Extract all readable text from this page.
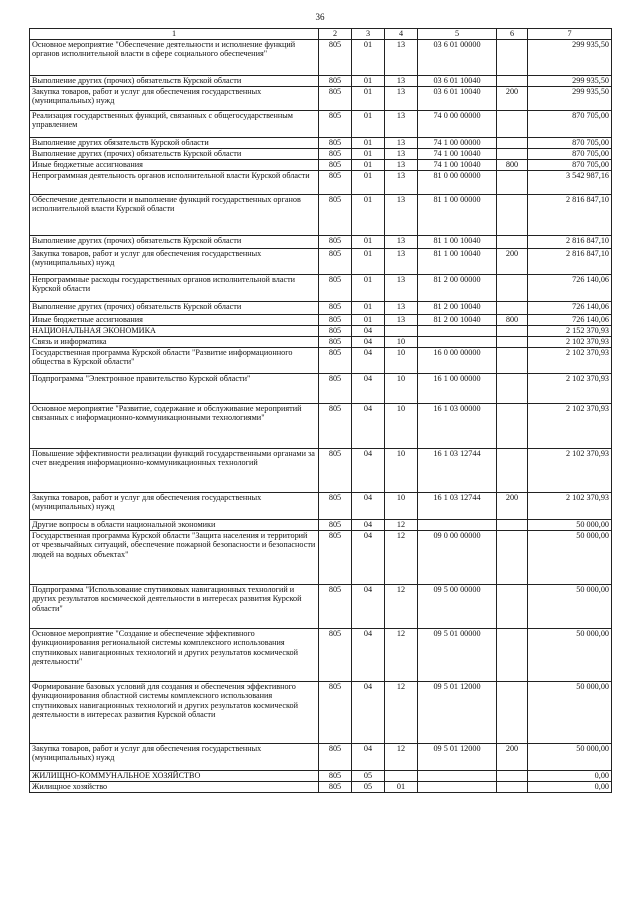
36
1	2	3	4	5	6	7
Основное мероприятие "Обеспечение деятельности и исполнение функций органов исполнительной власти в сфере социального обеспечения"	805	01	13	03 6 01 00000		299 935,50
Выполнение других (прочих) обязательств Курской области	805	01	13	03 6 01 10040		299 935,50
Закупка товаров, работ и услуг для обеспечения государственных (муниципальных) нужд	805	01	13	03 6 01 10040	200	299 935,50
Реализация государственных функций, связанных с общегосударственным управлением	805	01	13	74 0 00 00000		870 705,00
Выполнение других обязательств Курской области	805	01	13	74 1 00 00000		870 705,00
Выполнение других (прочих) обязательств Курской области	805	01	13	74 1 00 10040		870 705,00
Иные бюджетные ассигнования	805	01	13	74 1 00 10040	800	870 705,00
Непрограммная деятельность органов исполнительной власти Курской области	805	01	13	81 0 00 00000		3 542 987,16
Обеспечение деятельности и выполнение функций государственных органов исполнительной власти Курской области	805	01	13	81 1 00 00000		2 816 847,10
Выполнение других (прочих) обязательств Курской области	805	01	13	81 1 00 10040		2 816 847,10
Закупка товаров, работ и услуг для обеспечения государственных (муниципальных) нужд	805	01	13	81 1 00 10040	200	2 816 847,10
Непрограммные расходы государственных органов исполнительной власти Курской области	805	01	13	81 2 00 00000		726 140,06
Выполнение других (прочих) обязательств Курской области	805	01	13	81 2 00 10040		726 140,06
Иные бюджетные ассигнования	805	01	13	81 2 00 10040	800	726 140,06
НАЦИОНАЛЬНАЯ ЭКОНОМИКА	805	04				2 152 370,93
Связь и информатика	805	04	10			2 102 370,93
Государственная программа Курской области "Развитие информационного общества в Курской области"	805	04	10	16 0 00 00000		2 102 370,93
Подпрограмма "Электронное правительство Курской области"	805	04	10	16 1 00 00000		2 102 370,93
Основное мероприятие "Развитие, содержание и обслуживание мероприятий связанных с информационно-коммуникационными технологиями"	805	04	10	16 1 03 00000		2 102 370,93
Повышение эффективности реализации функций государственными органами за счет внедрения информационно-коммуникационных технологий	805	04	10	16 1 03 12744		2 102 370,93
Закупка товаров, работ и услуг для обеспечения государственных (муниципальных) нужд	805	04	10	16 1 03 12744	200	2 102 370,93
Другие вопросы в области национальной экономики	805	04	12			50 000,00
Государственная программа Курской области "Защита населения и территорий от чрезвычайных ситуаций, обеспечение пожарной безопасности и безопасности людей на водных объектах"	805	04	12	09 0 00 00000		50 000,00
Подпрограмма "Использование спутниковых навигационных технологий и других результатов космической деятельности в интересах развития Курской области"	805	04	12	09 5 00 00000		50 000,00
Основное мероприятие "Создание и обеспечение эффективного функционирования региональной системы комплексного использования спутниковых навигационных технологий и других результатов космической деятельности"	805	04	12	09 5 01 00000		50 000,00
Формирование базовых условий для создания и обеспечения эффективного функционирования областной системы комплексного использования спутниковых навигационных технологий и других результатов космической деятельности в интересах развития Курской области	805	04	12	09 5 01 12000		50 000,00
Закупка товаров, работ и услуг для обеспечения государственных (муниципальных) нужд	805	04	12	09 5 01 12000	200	50 000,00
ЖИЛИЩНО-КОММУНАЛЬНОЕ ХОЗЯЙСТВО	805	05				0,00
Жилищное хозяйство	805	05	01			0,00
